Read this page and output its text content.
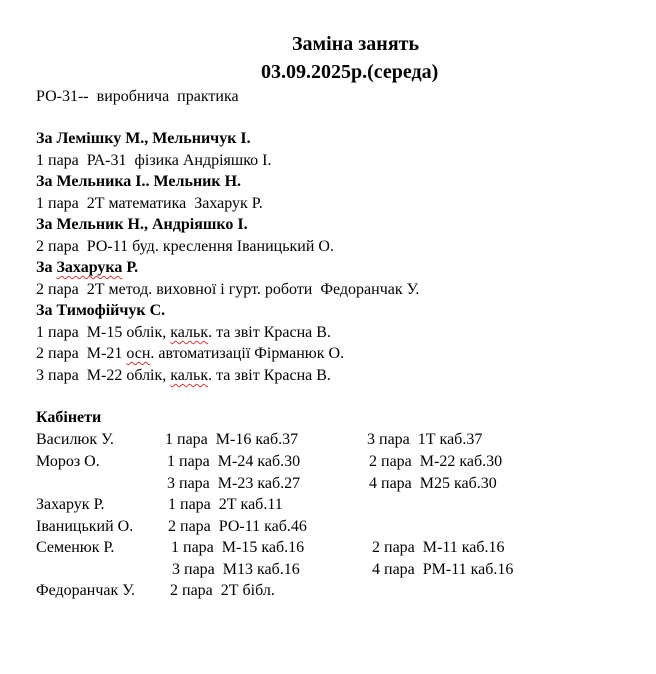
Заміна занять
03.09.2025р.(середа)
РО-31--  виробнича  практика
За Лемішку М., Мельничук І.
1 пара  РА-31  фізика Андріяшко І.
За Мельника І.. Мельник Н.
1 пара  2Т математика  Захарук Р.
За Мельник Н., Андріяшко І.
2 пара  РО-11 буд. креслення Іваницький О.
За Захарука Р.
2 пара  2Т метод. виховної і гурт. роботи  Федоранчак У.
За Тимофійчук С.
1 пара  М-15 облік, кальк. та звіт Красна В.
2 пара  М-21 осн. автоматизації Фірманюк О.
3 пара  М-22 облік, кальк. та звіт Красна В.
Кабінети
Василюк У.	1 пара  М-16 каб.37	3 пара  1Т каб.37
Мороз О.	1 пара  М-24 каб.30	2 пара  М-22 каб.30
3 пара  М-23 каб.27	4 пара  М25 каб.30
Захарук Р.	1 пара  2Т каб.11
Іваницький О. 2 пара  РО-11 каб.46
Семенюк Р.	1 пара  М-15 каб.16	2 пара  М-11 каб.16
3 пара  М13 каб.16	4 пара  РМ-11 каб.16
Федоранчак У. 2 пара  2Т бібл.
